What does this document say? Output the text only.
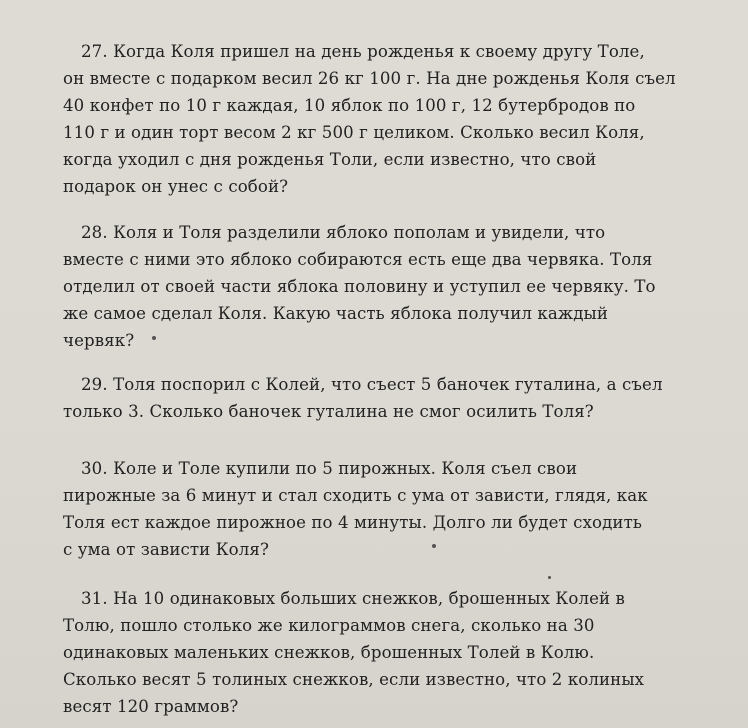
27. Когда Коля пришел на день рожденья к своему другу Толе,
он вместе с подарком весил 26 кг 100 г. На дне рожденья Коля съел
40 конфет по 10 г каждая, 10 яблок по 100 г, 12 бутербродов по
110 г и один торт весом 2 кг 500 г целиком. Сколько весил Коля,
когда уходил с дня рожденья Толи, если известно, что свой
подарок он унес с собой?

28. Коля и Толя разделили яблоко пополам и увидели, что
вместе с ними это яблоко собираются есть еще два червяка. Толя
отделил от своей части яблока половину и уступил ее червяку. То
же самое сделал Коля. Какую часть яблока получил каждый
червяк?

29. Толя поспорил с Колей, что съест 5 баночек гуталина, а съел
только 3. Сколько баночек гуталина не смог осилить Толя?

30. Коле и Толе купили по 5 пирожных. Коля съел свои
пирожные за 6 минут и стал сходить с ума от зависти, глядя, как
Толя ест каждое пирожное по 4 минуты. Долго ли будет сходить
с ума от зависти Коля?

31. На 10 одинаковых больших снежков, брошенных Колей в
Толю, пошло столько же килограммов снега, сколько на 30
одинаковых маленьких снежков, брошенных Толей в Колю.
Сколько весят 5 толиных снежков, если известно, что 2 колиных
весят 120 граммов?
